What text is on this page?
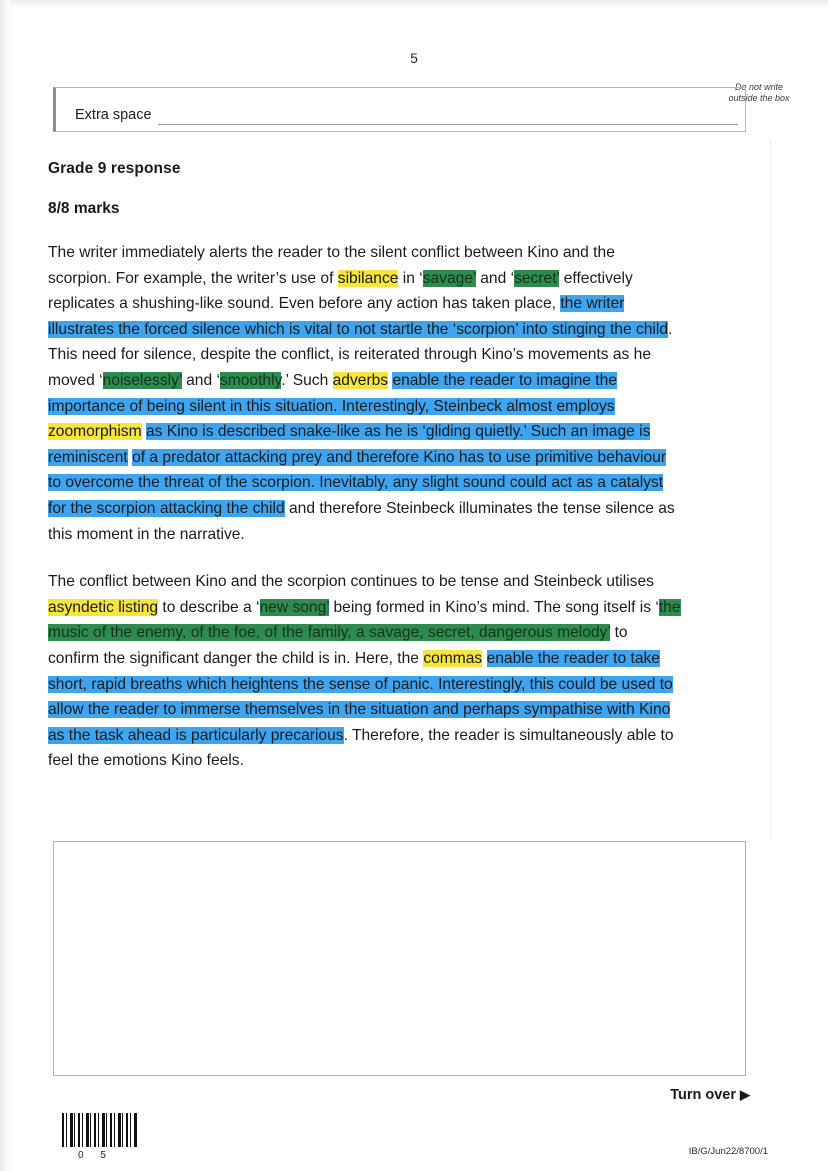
5
Do not write outside the box
Extra space
Grade 9 response
8/8 marks

The writer immediately alerts the reader to the silent conflict between Kino and the scorpion. For example, the writer’s use of sibilance in ‘savage’ and ‘secret’ effectively replicates a shushing-like sound. Even before any action has taken place, the writer illustrates the forced silence which is vital to not startle the ‘scorpion’ into stinging the child. This need for silence, despite the conflict, is reiterated through Kino’s movements as he moved ‘noiselessly’ and ‘smoothly.’ Such adverbs enable the reader to imagine the importance of being silent in this situation. Interestingly, Steinbeck almost employs zoomorphism as Kino is described snake-like as he is ‘gliding quietly.’ Such an image is reminiscent of a predator attacking prey and therefore Kino has to use primitive behaviour to overcome the threat of the scorpion. Inevitably, any slight sound could act as a catalyst for the scorpion attacking the child and therefore Steinbeck illuminates the tense silence as this moment in the narrative.

The conflict between Kino and the scorpion continues to be tense and Steinbeck utilises asyndetic listing to describe a ‘new song’ being formed in Kino’s mind. The song itself is ‘the music of the enemy, of the foe, of the family, a savage, secret, dangerous melody’ to confirm the significant danger the child is in. Here, the commas enable the reader to take short, rapid breaths which heightens the sense of panic. Interestingly, this could be used to allow the reader to immerse themselves in the situation and perhaps sympathise with Kino as the task ahead is particularly precarious. Therefore, the reader is simultaneously able to feel the emotions Kino feels.

Turn over ▶
0 5	IB/G/Jun22/8700/1
